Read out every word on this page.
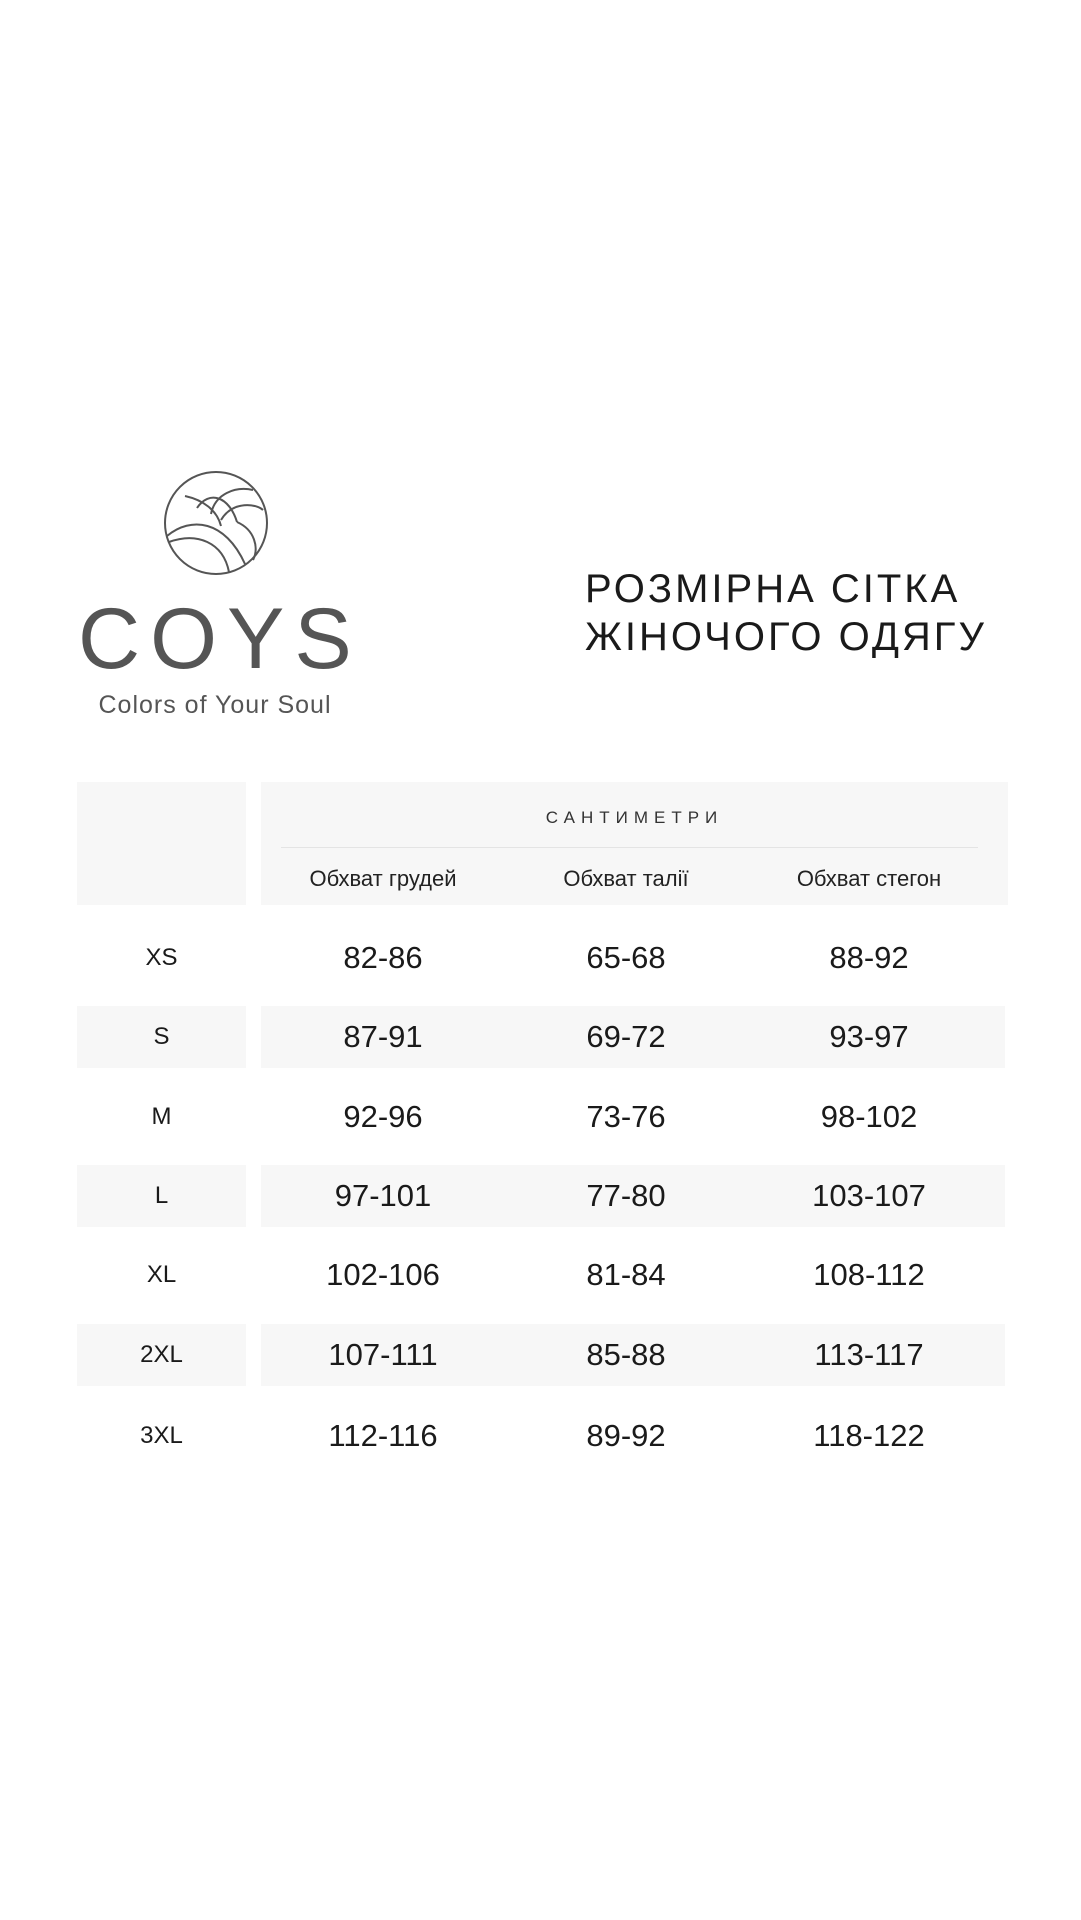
COYS
Colors of Your Soul
РОЗМІРНА СІТКА
ЖІНОЧОГО ОДЯГУ
САНТИМЕТРИ
Обхват грудей	Обхват талії	Обхват стегон
XS	82-86	65-68	88-92
S	87-91	69-72	93-97
M	92-96	73-76	98-102
L	97-101	77-80	103-107
XL	102-106	81-84	108-112
2XL	107-111	85-88	113-117
3XL	112-116	89-92	118-122
